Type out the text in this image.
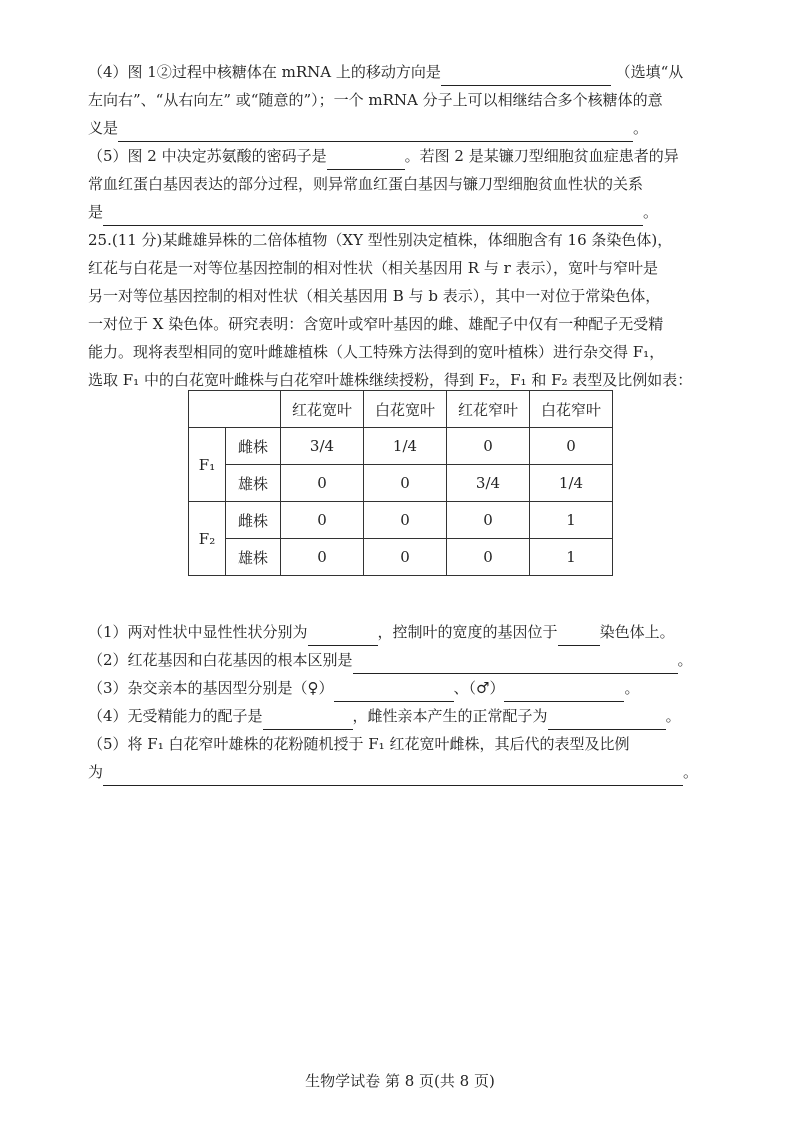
（4）图 1②过程中核糖体在 mRNA 上的移动方向是	（选填“从
左向右”、“从右向左” 或“随意的”）；一个 mRNA 分子上可以相继结合多个核糖体的意
义是	。

（5）图 2 中决定苏氨酸的密码子是	。若图 2 是某镰刀型细胞贫血症患者的异
常血红蛋白基因表达的部分过程，则异常血红蛋白基因与镰刀型细胞贫血性状的关系
是	。

25.(11 分)某雌雄异株的二倍体植物（XY 型性别决定植株，体细胞含有 16 条染色体)，
红花与白花是一对等位基因控制的相对性状（相关基因用 R 与 r 表示），宽叶与窄叶是
另一对等位基因控制的相对性状（相关基因用 B 与 b 表示），其中一对位于常染色体，
一对位于 X 染色体。研究表明：含宽叶或窄叶基因的雌、雄配子中仅有一种配子无受精
能力。现将表型相同的宽叶雌雄植株（人工特殊方法得到的宽叶植株）进行杂交得 F₁，
选取 F₁ 中的白花宽叶雌株与白花窄叶雄株继续授粉，得到 F₂，F₁ 和 F₂ 表型及比例如表：

		红花宽叶	白花宽叶	红花窄叶	白花窄叶
F₁	雌株	3/4	1/4	0	0
	雄株	0	0	3/4	1/4
F₂	雌株	0	0	0	1
	雄株	0	0	0	1

（1）两对性状中显性性状分别为	，控制叶的宽度的基因位于	染色体上。
（2）红花基因和白花基因的根本区别是	。
（3）杂交亲本的基因型分别是（♀）	、（♂）	。
（4）无受精能力的配子是	，雌性亲本产生的正常配子为	。
（5）将 F₁ 白花窄叶雄株的花粉随机授于 F₁ 红花宽叶雌株，其后代的表型及比例
为	。

生物学试卷 第 8 页(共 8 页)
